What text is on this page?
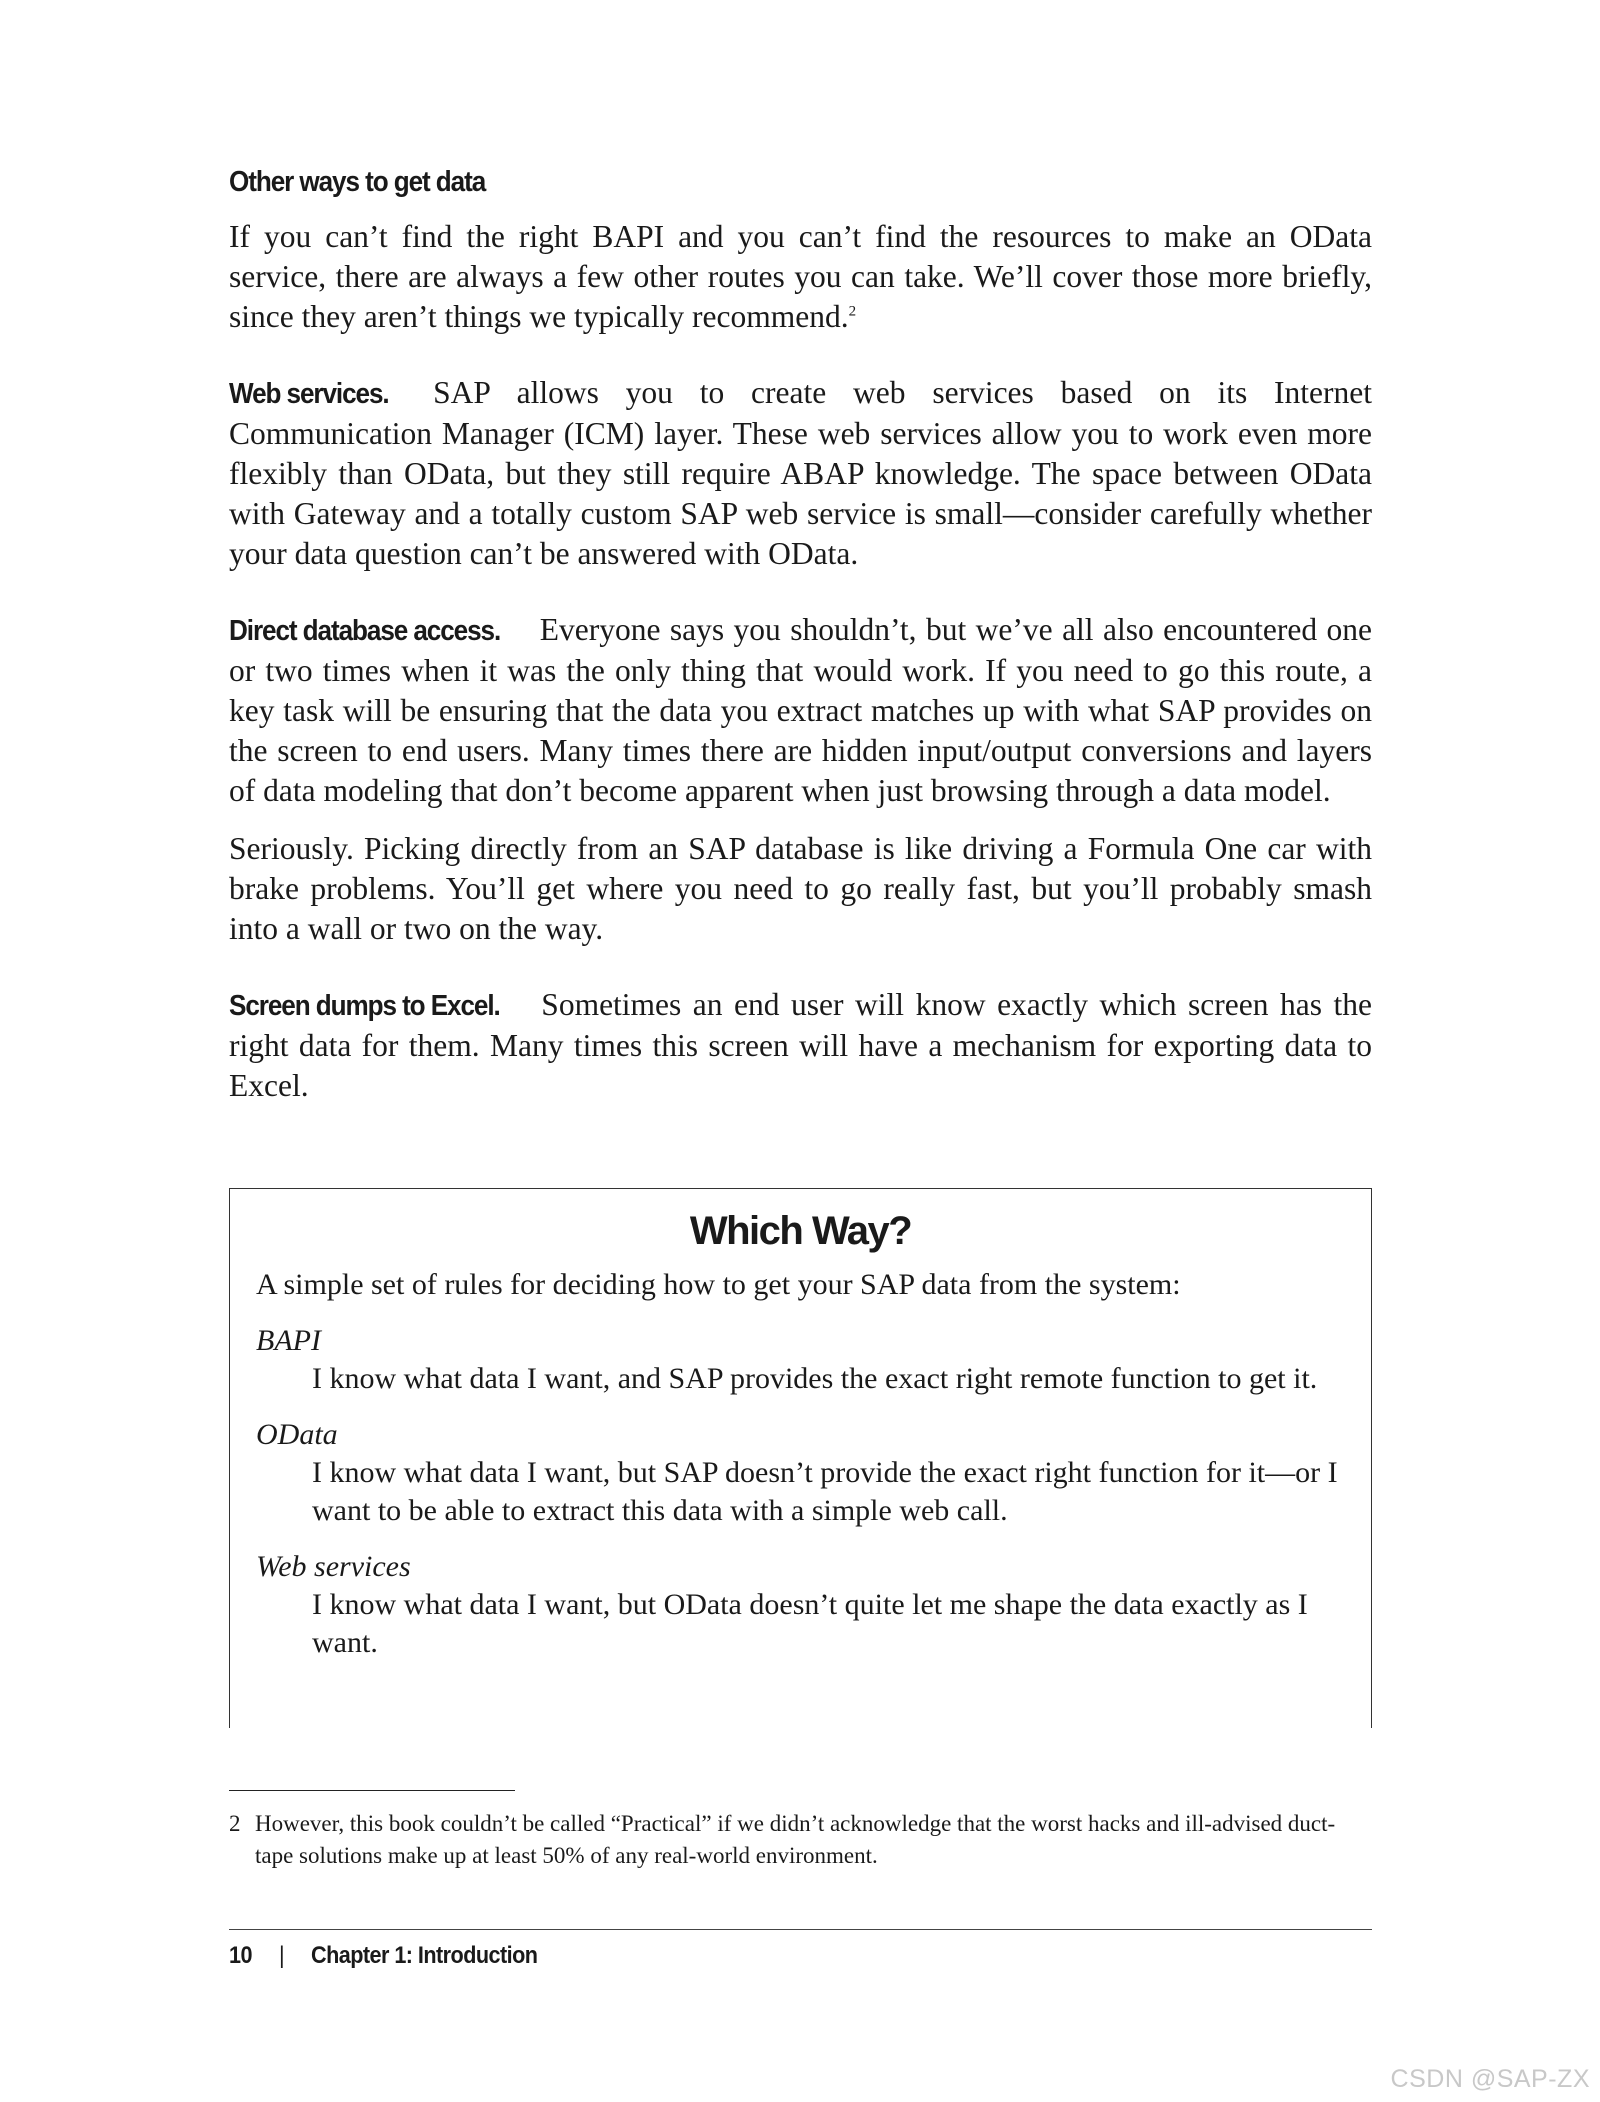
Other ways to get data

If you can’t find the right BAPI and you can’t find the resources to make an OData service, there are always a few other routes you can take. We’ll cover those more briefly, since they aren’t things we typically recommend.$^2$

Web services. SAP allows you to create web services based on its Internet Communication Manager (ICM) layer. These web services allow you to work even more flexibly than OData, but they still require ABAP knowledge. The space between OData with Gateway and a totally custom SAP web service is small—consider carefully whether your data question can’t be answered with OData.

Direct database access. Everyone says you shouldn’t, but we’ve all also encountered one or two times when it was the only thing that would work. If you need to go this route, a key task will be ensuring that the data you extract matches up with what SAP provides on the screen to end users. Many times there are hidden input/output conversions and layers of data modeling that don’t become apparent when just browsing through a data model.

Seriously. Picking directly from an SAP database is like driving a Formula One car with brake problems. You’ll get where you need to go really fast, but you’ll probably smash into a wall or two on the way.

Screen dumps to Excel. Sometimes an end user will know exactly which screen has the right data for them. Many times this screen will have a mechanism for exporting data to Excel.

Which Way?

A simple set of rules for deciding how to get your SAP data from the system:

BAPI

I know what data I want, and SAP provides the exact right remote function to get it.

OData

I know what data I want, but SAP doesn’t provide the exact right function for it—or I want to be able to extract this data with a simple web call.

Web services

I know what data I want, but OData doesn’t quite let me shape the data exactly as I want.

2 However, this book couldn’t be called “Practical” if we didn’t acknowledge that the worst hacks and ill-advised duct-tape solutions make up at least 50% of any real-world environment.
10 | Chapter 1: Introduction
CSDN @SAP-ZX
